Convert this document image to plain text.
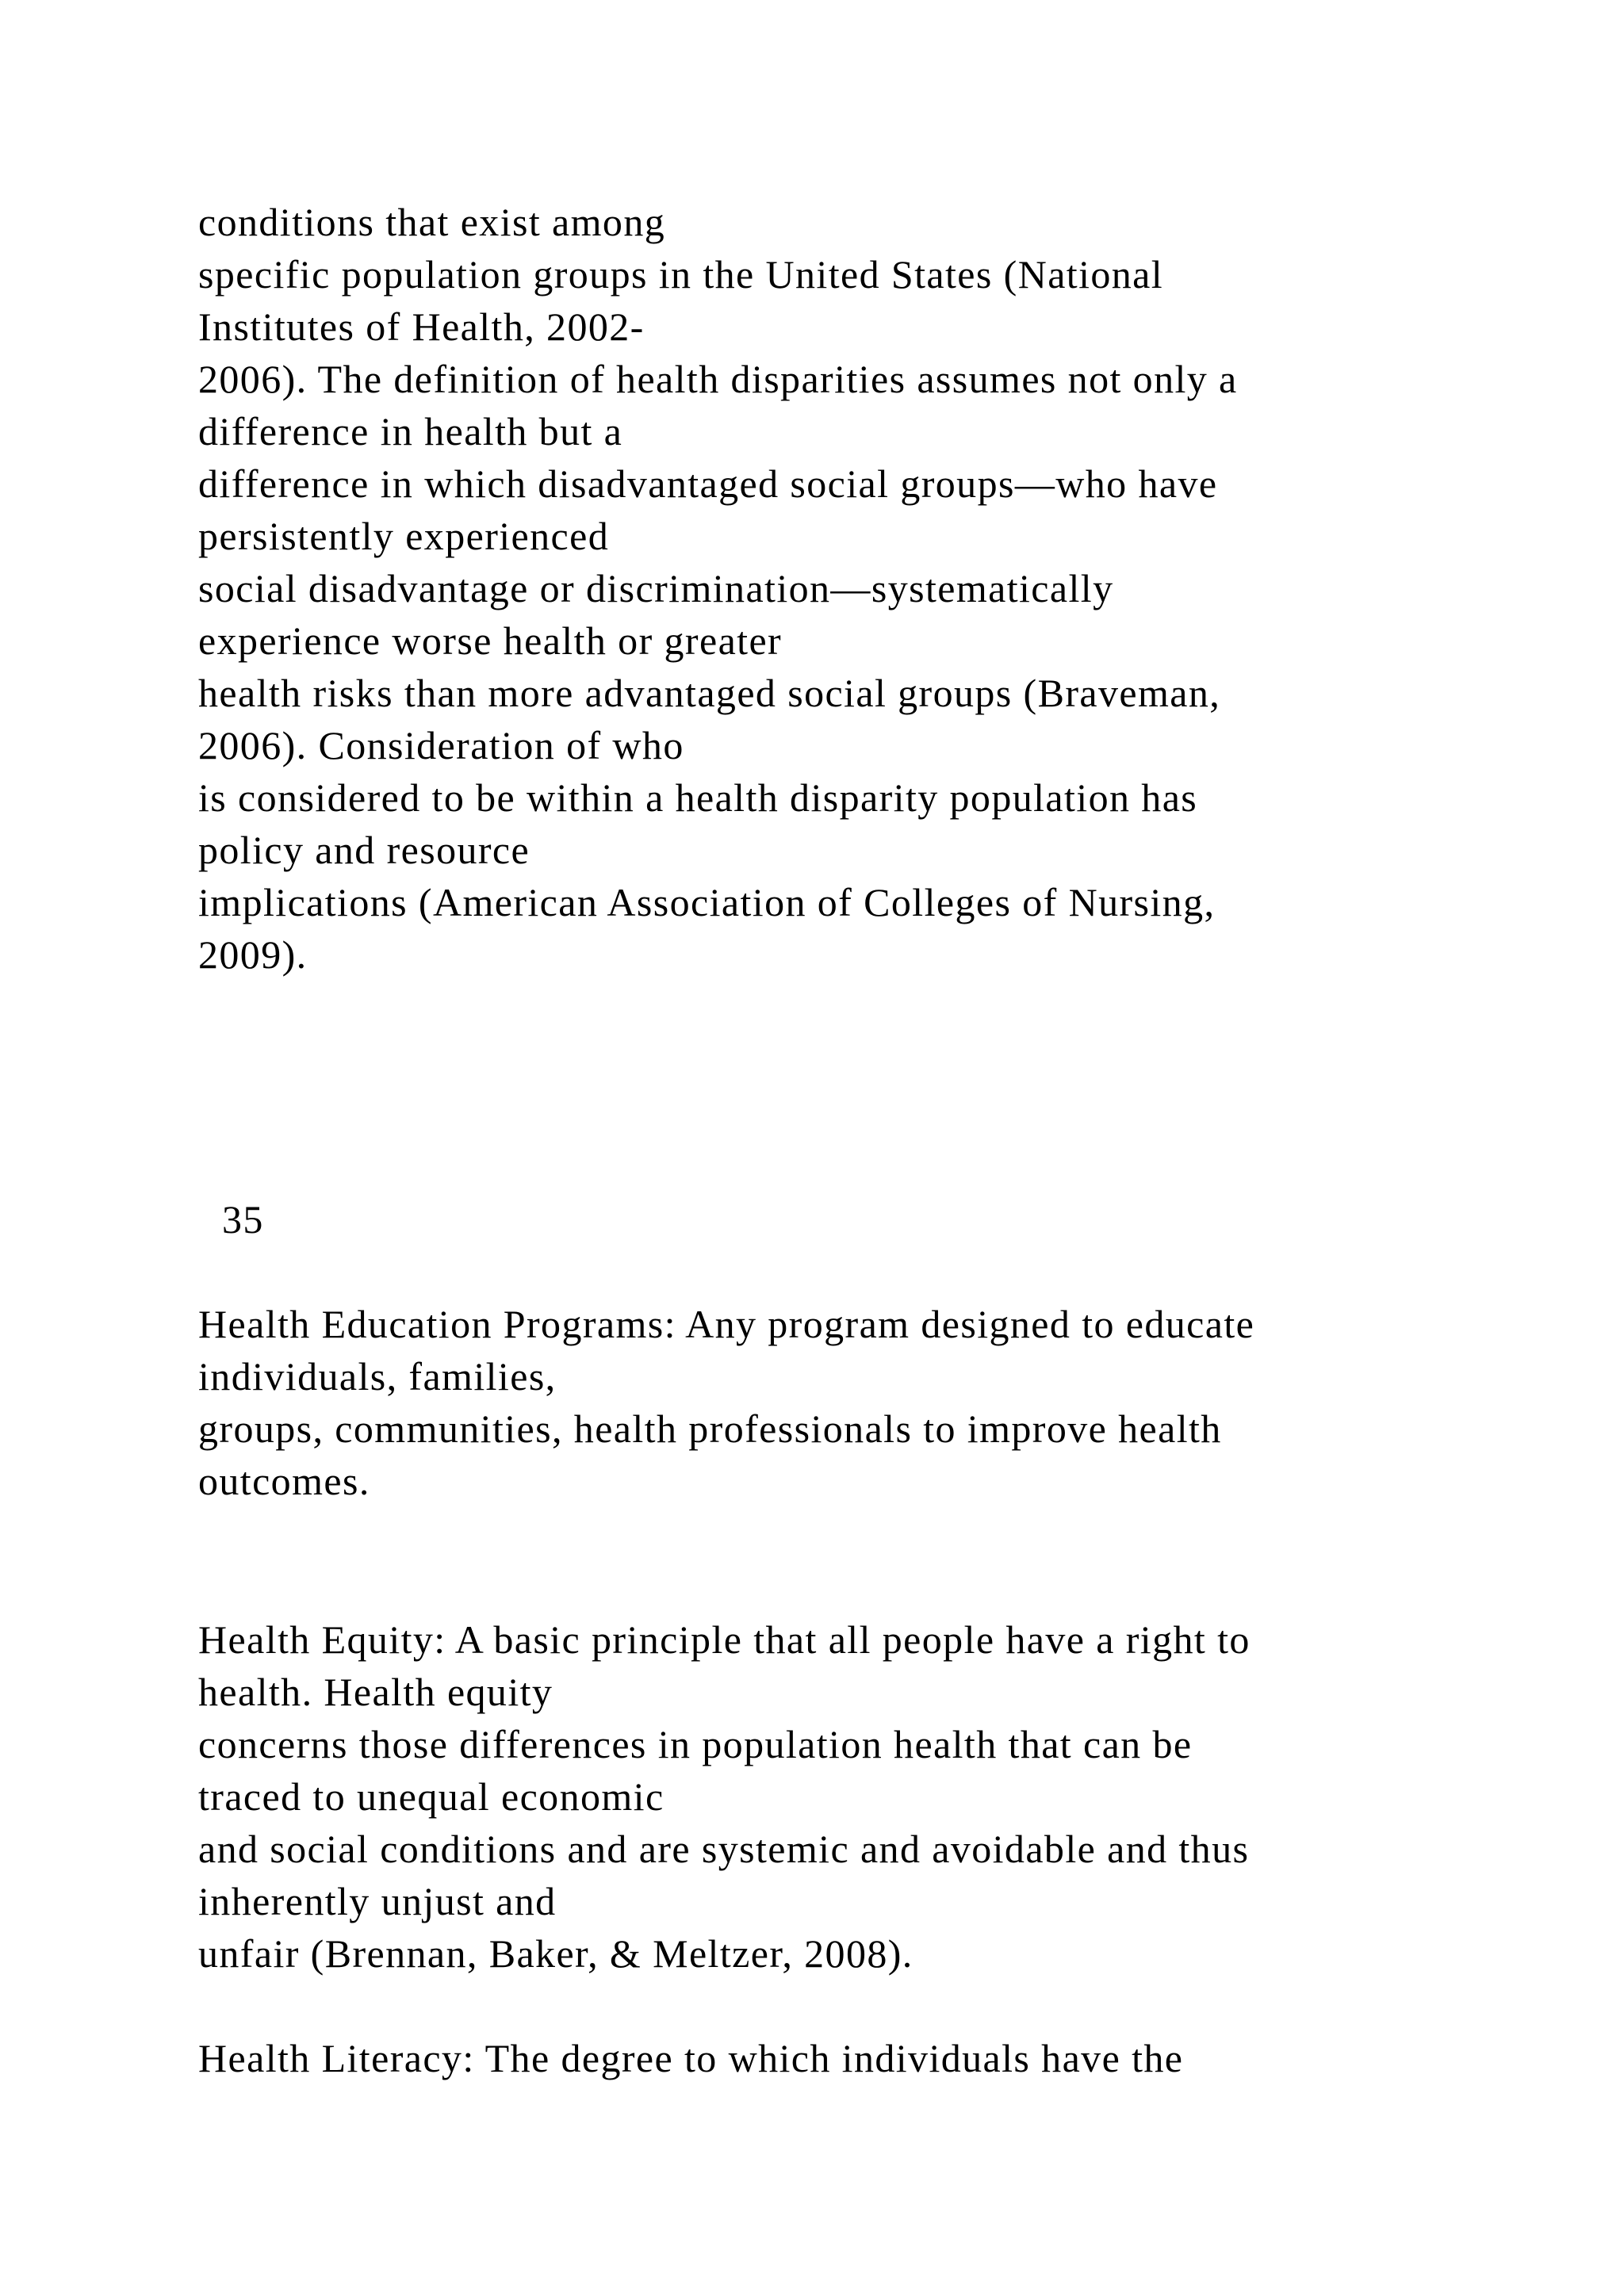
conditions that exist among

specific population groups in the United States (National

Institutes of Health, 2002-

2006). The definition of health disparities assumes not only a

difference in health but a

difference in which disadvantaged social groups—who have

persistently experienced

social disadvantage or discrimination—systematically

experience worse health or greater

health risks than more advantaged social groups (Braveman,

2006). Consideration of who

is considered to be within a health disparity population has

policy and resource

implications (American Association of Colleges of Nursing,

2009).

35

Health Education Programs: Any program designed to educate

individuals, families,

groups, communities, health professionals to improve health

outcomes.

Health Equity: A basic principle that all people have a right to

health. Health equity

concerns those differences in population health that can be

traced to unequal economic

and social conditions and are systemic and avoidable and thus

inherently unjust and

unfair (Brennan, Baker, & Meltzer, 2008).

Health Literacy: The degree to which individuals have the
